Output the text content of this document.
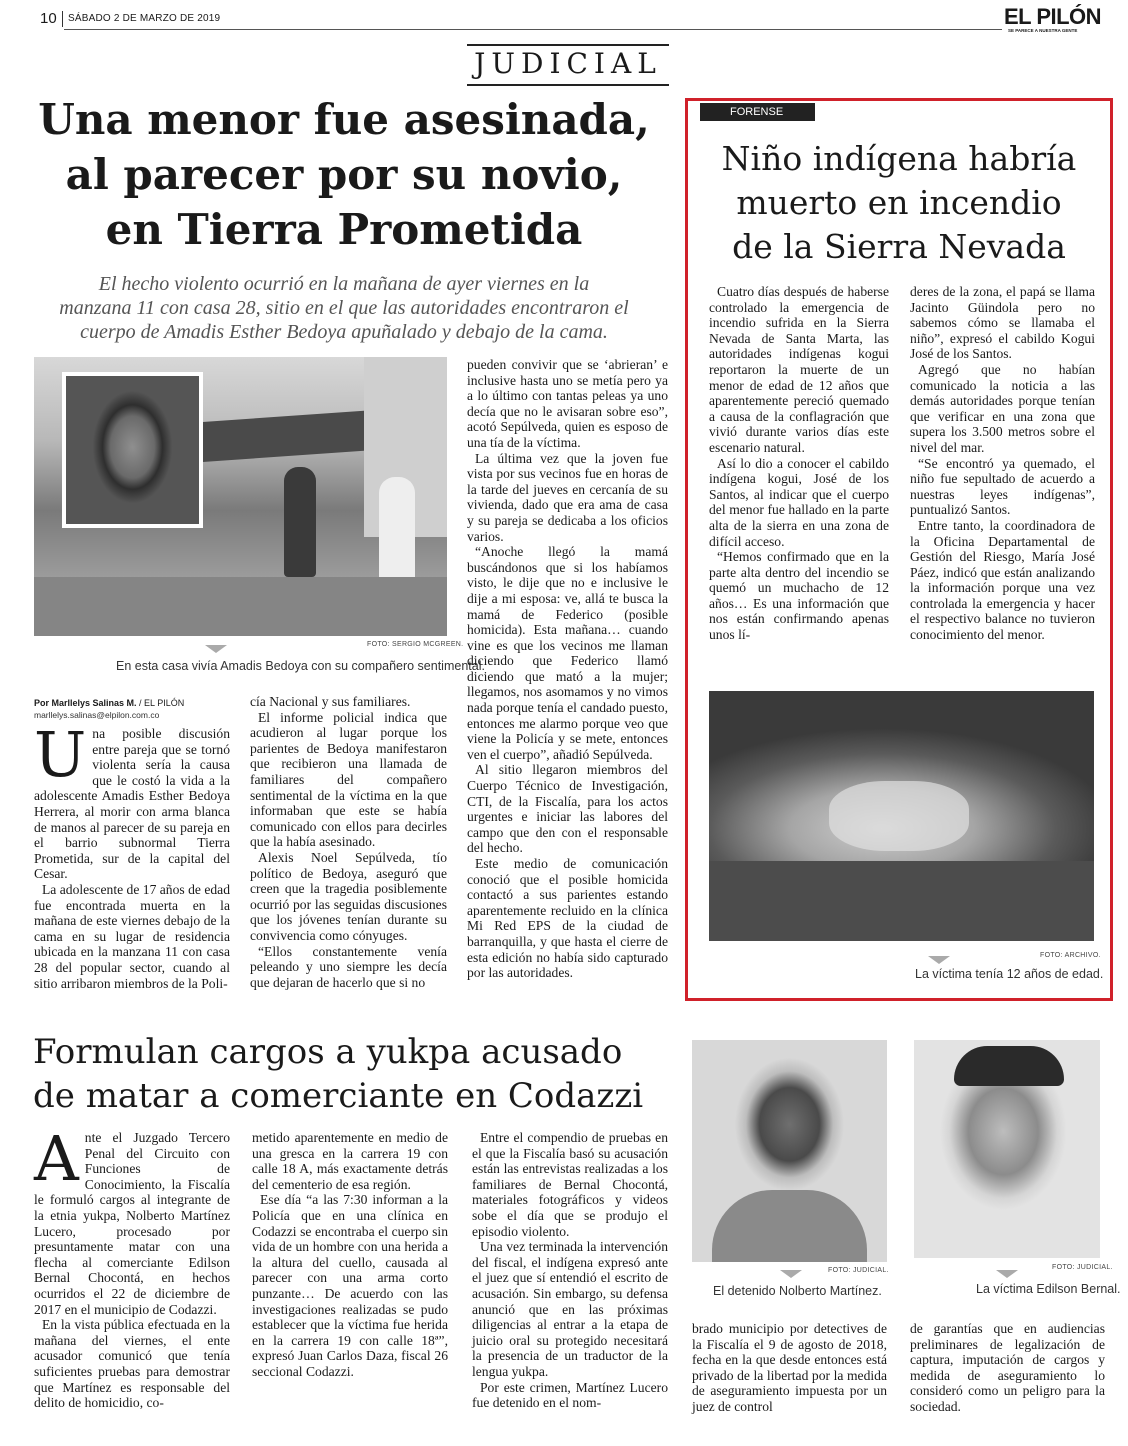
10 SÁBADO 2 DE MARZO DE 2019	EL PILÓN
SE PARECE A NUESTRA GENTE
JUDICIAL
Una menor fue asesinada,
al parecer por su novio,
en Tierra Prometida
El hecho violento ocurrió en la mañana de ayer viernes en la
manzana 11 con casa 28, sitio en el que las autoridades encontraron el
cuerpo de Amadis Esther Bedoya apuñalado y debajo de la cama.
FOTO: SERGIO MCGREEN.
En esta casa vivía Amadis Bedoya con su compañero sentimental.
Por Marllelys Salinas M. / EL PILÓN
marllelys.salinas@elpilon.com.co
U na posible discusión entre pareja que se tornó violenta sería la causa que le costó la vida a la adolescente Amadis Esther Bedoya Herrera, al morir con arma blanca de manos al parecer de su pareja en el barrio subnormal Tierra Prometida, sur de la capital del Cesar.

La adolescente de 17 años de edad fue encontrada muerta en la mañana de este viernes debajo de la cama en su lugar de residencia ubicada en la manzana 11 con casa 28 del popular sector, cuando al sitio arribaron miembros de la Poli-

cía Nacional y sus familiares.

El informe policial indica que acudieron al lugar porque los parientes de Bedoya manifestaron que recibieron una llamada de familiares del compañero sentimental de la víctima en la que informaban que este se había comunicado con ellos para decirles que la había asesinado.

Alexis Noel Sepúlveda, tío político de Bedoya, aseguró que creen que la tragedia posiblemente ocurrió por las seguidas discusiones que los jóvenes tenían durante su convivencia como cónyuges.

“Ellos constantemente venía peleando y uno siempre les decía que dejaran de hacerlo que si no

pueden convivir que se ‘abrieran’ e inclusive hasta uno se metía pero ya a lo último con tantas peleas ya uno decía que no le avisaran sobre eso”, acotó Sepúlveda, quien es esposo de una tía de la víctima.

La última vez que la joven fue vista por sus vecinos fue en horas de la tarde del jueves en cercanía de su vivienda, dado que era ama de casa y su pareja se dedicaba a los oficios varios.

“Anoche llegó la mamá buscándonos que si los habíamos visto, le dije que no e inclusive le dije a mi esposa: ve, allá te busca la mamá de Federico (posible homicida). Esta mañana… cuando vine es que los vecinos me llaman diciendo que Federico llamó diciendo que mató a la mujer; llegamos, nos asomamos y no vimos nada porque tenía el candado puesto, entonces me alarmo porque veo que viene la Policía y se mete, entonces ven el cuerpo”, añadió Sepúlveda.

Al sitio llegaron miembros del Cuerpo Técnico de Investigación, CTI, de la Fiscalía, para los actos urgentes e iniciar las labores del campo que den con el responsable del hecho.

Este medio de comunicación conoció que el posible homicida contactó a sus parientes estando aparentemente recluido en la clínica Mi Red EPS de la ciudad de barranquilla, y que hasta el cierre de esta edición no había sido capturado por las autoridades.

FORENSE
Niño indígena habría
muerto en incendio
de la Sierra Nevada

Cuatro días después de haberse controlado la emergencia de incendio sufrida en la Sierra Nevada de Santa Marta, las autoridades indígenas kogui reportaron la muerte de un menor de edad de 12 años que aparentemente pereció quemado a causa de la conflagración que vivió durante varios días este escenario natural.

Así lo dio a conocer el cabildo indígena kogui, José de los Santos, al indicar que el cuerpo del menor fue hallado en la parte alta de la sierra en una zona de difícil acceso.

“Hemos confirmado que en la parte alta dentro del incendio se quemó un muchacho de 12 años… Es una información que nos están confirmando apenas unos lí-

deres de la zona, el papá se llama Jacinto Güindola pero no sabemos cómo se llamaba el niño”, expresó el cabildo Kogui José de los Santos.

Agregó que no habían comunicado la noticia a las demás autoridades porque tenían que verificar en una zona que supera los 3.500 metros sobre el nivel del mar.

“Se encontró ya quemado, el niño fue sepultado de acuerdo a nuestras leyes indígenas”, puntualizó Santos.

Entre tanto, la coordinadora de la Oficina Departamental de Gestión del Riesgo, María José Páez, indicó que están analizando la información porque una vez controlada la emergencia y hacer el respectivo balance no tuvieron conocimiento del menor.

FOTO: ARCHIVO.
La víctima tenía 12 años de edad.
Formulan cargos a yukpa acusado
de matar a comerciante en Codazzi
A nte el Juzgado Tercero Penal del Circuito con Funciones de Conocimiento, la Fiscalía le formuló cargos al integrante de la etnia yukpa, Nolberto Martínez Lucero, procesado por presuntamente matar con una flecha al comerciante Edilson Bernal Chocontá, en hechos ocurridos el 22 de diciembre de 2017 en el municipio de Codazzi.

En la vista pública efectuada en la mañana del viernes, el ente acusador comunicó que tenía suficientes pruebas para demostrar que Martínez es responsable del delito de homicidio, co-

metido aparentemente en medio de una gresca en la carrera 19 con calle 18 A, más exactamente detrás del cementerio de esa región.

Ese día “a las 7:30 informan a la Policía que en una clínica en Codazzi se encontraba el cuerpo sin vida de un hombre con una herida a la altura del cuello, causada al parecer con una arma corto punzante… De acuerdo con las investigaciones realizadas se pudo establecer que la víctima fue herida en la carrera 19 con calle 18ª”, expresó Juan Carlos Daza, fiscal 26 seccional Codazzi.

Entre el compendio de pruebas en el que la Fiscalía basó su acusación están las entrevistas realizadas a los familiares de Bernal Chocontá, materiales fotográficos y videos sobe el día que se produjo el episodio violento.

Una vez terminada la intervención del fiscal, el indígena expresó ante el juez que sí entendió el escrito de acusación. Sin embargo, su defensa anunció que en las próximas diligencias al entrar a la etapa de juicio oral su protegido necesitará la presencia de un traductor de la lengua yukpa.

Por este crimen, Martínez Lucero fue detenido en el nom-

FOTO: JUDICIAL.
El detenido Nolberto Martínez.
FOTO: JUDICIAL.
La víctima Edilson Bernal.

brado municipio por detectives de la Fiscalía el 9 de agosto de 2018, fecha en la que desde entonces está privado de la libertad por la medida de aseguramiento impuesta por un juez de control

de garantías que en audiencias preliminares de legalización de captura, imputación de cargos y medida de aseguramiento lo consideró como un peligro para la sociedad.
